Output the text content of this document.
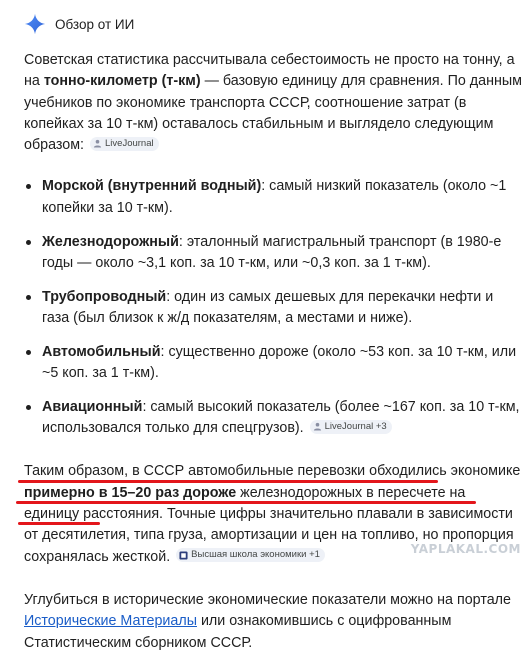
Обзор от ИИ

Советская статистика рассчитывала себестоимость не просто на тонну, а на тонно-километр (т-км) — базовую единицу для сравнения. По данным учебников по экономике транспорта СССР, соотношение затрат (в копейках за 10 т-км) оставалось стабильным и выглядело следующим образом: LiveJournal

Морской (внутренний водный): самый низкий показатель (около ~1 копейки за 10 т-км).
Железнодорожный: эталонный магистральный транспорт (в 1980-е годы — около ~3,1 коп. за 10 т-км, или ~0,3 коп. за 1 т-км).
Трубопроводный: один из самых дешевых для перекачки нефти и газа (был близок к ж/д показателям, а местами и ниже).
Автомобильный: существенно дороже (около ~53 коп. за 10 т-км, или ~5 коп. за 1 т-км).
Авиационный: самый высокий показатель (более ~167 коп. за 10 т-км, использовался только для спецгрузов). LiveJournal +3

Таким образом, в СССР автомобильные перевозки обходились экономике примерно в 15–20 раз дороже железнодорожных в пересчете на единицу расстояния. Точные цифры значительно плавали в зависимости от десятилетия, типа груза, амортизации и цен на топливо, но пропорция сохранялась жесткой. Высшая школа экономики +1

Углубиться в исторические экономические показатели можно на портале Исторические Материалы или ознакомившись с оцифрованным Статистическим сборником СССР.

YAPLAKAL.COM
